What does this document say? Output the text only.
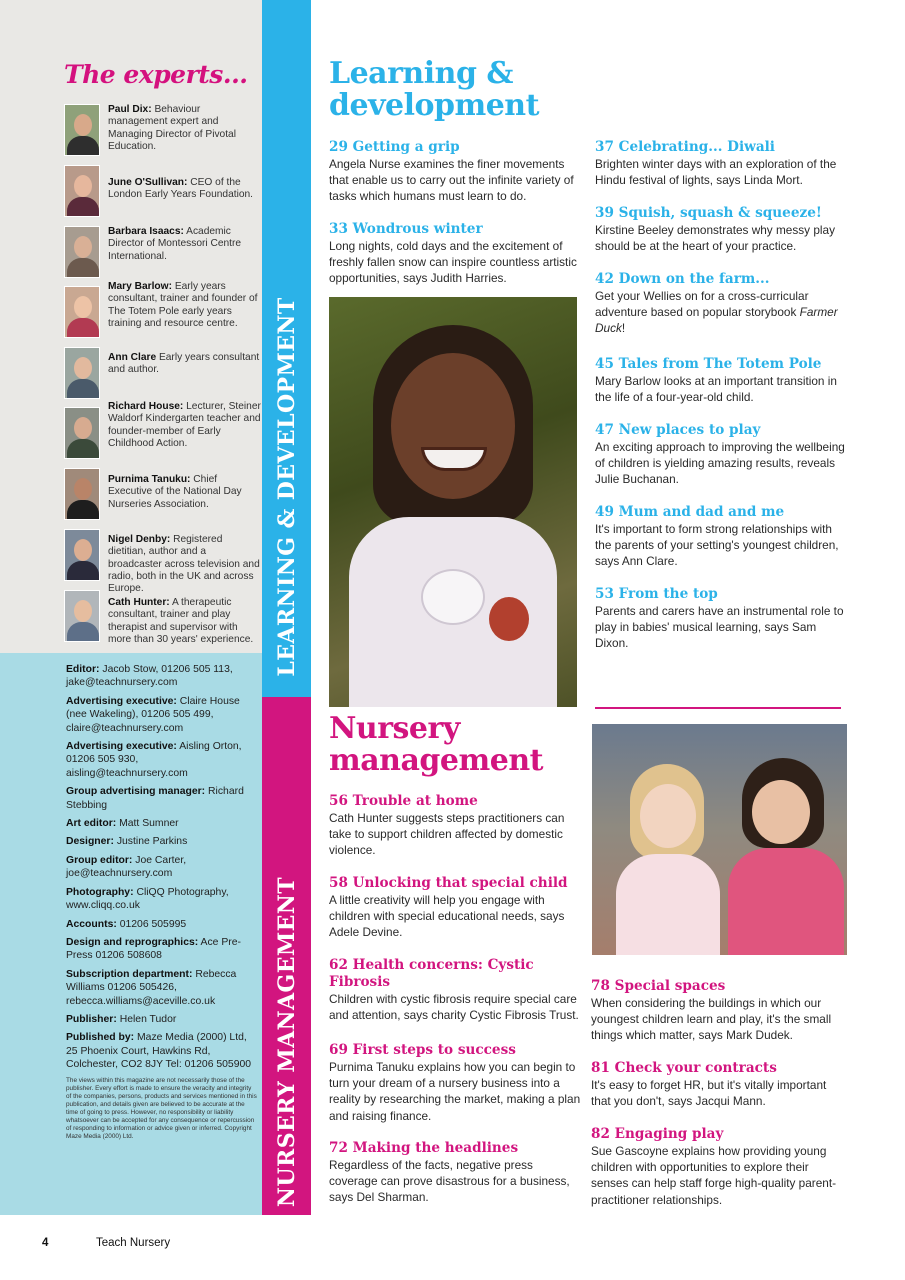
The experts...
Paul Dix: Behaviour management expert and Managing Director of Pivotal Education.
June O'Sullivan: CEO of the London Early Years Foundation.
Barbara Isaacs: Academic Director of Montessori Centre International.
Mary Barlow: Early years consultant, trainer and founder of The Totem Pole early years training and resource centre.
Ann Clare Early years consultant and author.
Richard House: Lecturer, Steiner Waldorf Kindergarten teacher and founder-member of Early Childhood Action.
Purnima Tanuku: Chief Executive of the National Day Nurseries Association.
Nigel Denby: Registered dietitian, author and a broadcaster across television and radio, both in the UK and across Europe.
Cath Hunter: A therapeutic consultant, trainer and play therapist and supervisor with more than 30 years' experience.
Editor: Jacob Stow, 01206 505 113, jake@teachnursery.com
Advertising executive: Claire House (nee Wakeling), 01206 505 499, claire@teachnursery.com
Advertising executive: Aisling Orton, 01206 505 930, aisling@teachnursery.com
Group advertising manager: Richard Stebbing
Art editor: Matt Sumner
Designer: Justine Parkins
Group editor: Joe Carter, joe@teachnursery.com
Photography: CliQQ Photography, www.cliqq.co.uk
Accounts: 01206 505995
Design and reprographics: Ace Pre-Press 01206 508608
Subscription department: Rebecca Williams 01206 505426, rebecca.williams@aceville.co.uk
Publisher: Helen Tudor
Published by: Maze Media (2000) Ltd, 25 Phoenix Court, Hawkins Rd, Colchester, CO2 8JY Tel: 01206 505900
The views within this magazine are not necessarily those of the publisher. Every effort is made to ensure the veracity and integrity of the companies, persons, products and services mentioned in this publication, and details given are believed to be accurate at the time of going to press. However, no responsibility or liability whatsoever can be accepted for any consequence or repercussion of responding to information or advice given or inferred. Copyright Maze Media (2000) Ltd.
LEARNING & DEVELOPMENT
NURSERY MANAGEMENT
Learning &
development
Nursery
management
29 Getting a grip
Angela Nurse examines the finer movements that enable us to carry out the infinite variety of tasks which humans must learn to do.
33 Wondrous winter
Long nights, cold days and the excitement of freshly fallen snow can inspire countless artistic opportunities, says Judith Harries.
37 Celebrating... Diwali
Brighten winter days with an exploration of the Hindu festival of lights, says Linda Mort.
39 Squish, squash & squeeze!
Kirstine Beeley demonstrates why messy play should be at the heart of your practice.
42 Down on the farm...
Get your Wellies on for a cross-curricular adventure based on popular storybook Farmer Duck!
45 Tales from The Totem Pole
Mary Barlow looks at an important transition in the life of a four-year-old child.
47 New places to play
An exciting approach to improving the wellbeing of children is yielding amazing results, reveals Julie Buchanan.
49 Mum and dad and me
It's important to form strong relationships with the parents of your setting's youngest children, says Ann Clare.
53 From the top
Parents and carers have an instrumental role to play in babies' musical learning, says Sam Dixon.
56 Trouble at home
Cath Hunter suggests steps practitioners can take to support children affected by domestic violence.
58 Unlocking that special child
A little creativity will help you engage with children with special educational needs, says Adele Devine.
62 Health concerns: Cystic Fibrosis
Children with cystic fibrosis require special care and attention, says charity Cystic Fibrosis Trust.
69 First steps to success
Purnima Tanuku explains how you can begin to turn your dream of a nursery business into a reality by researching the market, making a plan and raising finance.
72 Making the headlines
Regardless of the facts, negative press coverage can prove disastrous for a business, says Del Sharman.
78 Special spaces
When considering the buildings in which our youngest children learn and play, it's the small things which matter, says Mark Dudek.
81 Check your contracts
It's easy to forget HR, but it's vitally important that you don't, says Jacqui Mann.
82 Engaging play
Sue Gascoyne explains how providing young children with opportunities to explore their senses can help staff forge high-quality parent-practitioner relationships.
4	Teach Nursery
